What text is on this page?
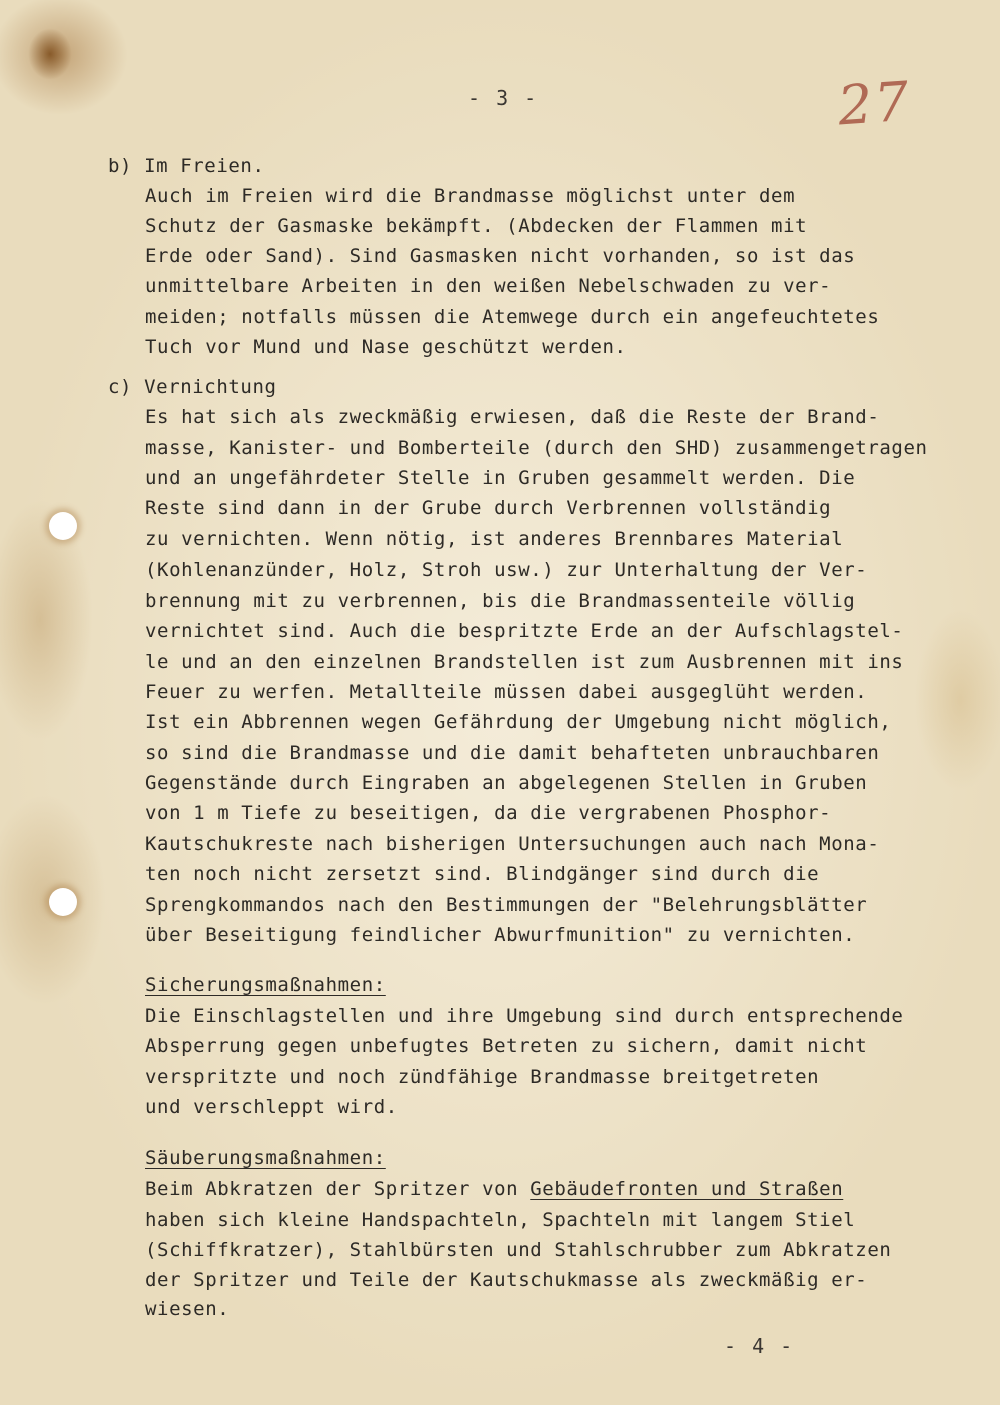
- 3 -	27
b) Im Freien.
Auch im Freien wird die Brandmasse möglichst unter dem
Schutz der Gasmaske bekämpft. (Abdecken der Flammen mit
Erde oder Sand). Sind Gasmasken nicht vorhanden, so ist das
unmittelbare Arbeiten in den weißen Nebelschwaden zu ver-
meiden; notfalls müssen die Atemwege durch ein angefeuchtetes
Tuch vor Mund und Nase geschützt werden.
c) Vernichtung
Es hat sich als zweckmäßig erwiesen, daß die Reste der Brand-
masse, Kanister- und Bomberteile (durch den SHD) zusammengetragen
und an ungefährdeter Stelle in Gruben gesammelt werden. Die
Reste sind dann in der Grube durch Verbrennen vollständig
zu vernichten. Wenn nötig, ist anderes Brennbares Material
(Kohlenanzünder, Holz, Stroh usw.) zur Unterhaltung der Ver-
brennung mit zu verbrennen, bis die Brandmassenteile völlig
vernichtet sind. Auch die bespritzte Erde an der Aufschlagstel-
le und an den einzelnen Brandstellen ist zum Ausbrennen mit ins
Feuer zu werfen. Metallteile müssen dabei ausgeglüht werden.
Ist ein Abbrennen wegen Gefährdung der Umgebung nicht möglich,
so sind die Brandmasse und die damit behafteten unbrauchbaren
Gegenstände durch Eingraben an abgelegenen Stellen in Gruben
von 1 m Tiefe zu beseitigen, da die vergrabenen Phosphor-
Kautschukreste nach bisherigen Untersuchungen auch nach Mona-
ten noch nicht zersetzt sind. Blindgänger sind durch die
Sprengkommandos nach den Bestimmungen der "Belehrungsblätter
über Beseitigung feindlicher Abwurfmunition" zu vernichten.
Sicherungsmaßnahmen:
Die Einschlagstellen und ihre Umgebung sind durch entsprechende
Absperrung gegen unbefugtes Betreten zu sichern, damit nicht
verspritzte und noch zündfähige Brandmasse breitgetreten
und verschleppt wird.
Säuberungsmaßnahmen:
Beim Abkratzen der Spritzer von Gebäudefronten und Straßen
haben sich kleine Handspachteln, Spachteln mit langem Stiel
(Schiffkratzer), Stahlbürsten und Stahlschrubber zum Abkratzen
der Spritzer und Teile der Kautschukmasse als zweckmäßig er-
wiesen.
- 4 -
